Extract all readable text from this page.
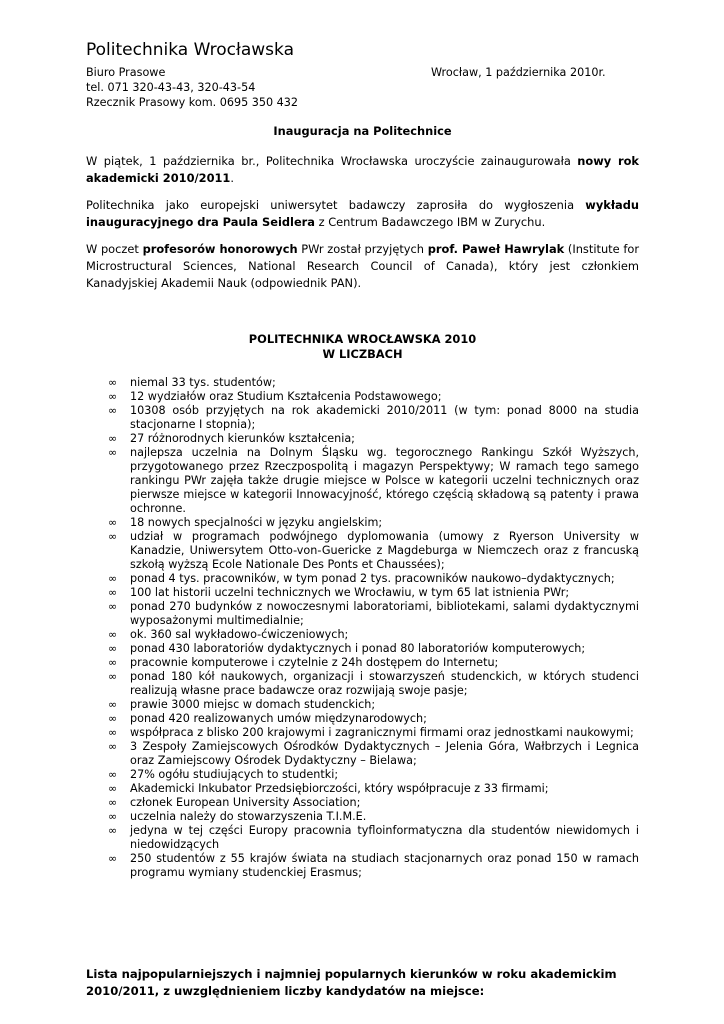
Politechnika Wrocławska
Biuro Prasowe
tel. 071 320-43-43, 320-43-54
Rzecznik Prasowy kom. 0695 350 432
Wrocław, 1 października 2010r.
Inauguracja na Politechnice
W piątek, 1 października br., Politechnika Wrocławska uroczyście zainaugurowała nowy rok akademicki 2010/2011.
Politechnika jako europejski uniwersytet badawczy zaprosiła do wygłoszenia wykładu inauguracyjnego dra Paula Seidlera z Centrum Badawczego IBM w Zurychu.
W poczet profesorów honorowych PWr został przyjętych prof. Paweł Hawrylak (Institute for Microstructural Sciences, National Research Council of Canada), który jest członkiem Kanadyjskiej Akademii Nauk (odpowiednik PAN).
POLITECHNIKA WROCŁAWSKA 2010
W LICZBACH
∞ niemal 33 tys. studentów;
∞ 12 wydziałów oraz Studium Kształcenia Podstawowego;
∞ 10308 osób przyjętych na rok akademicki 2010/2011 (w tym: ponad 8000 na studia stacjonarne I stopnia);
∞ 27 różnorodnych kierunków kształcenia;
∞ najlepsza uczelnia na Dolnym Śląsku wg. tegorocznego Rankingu Szkół Wyższych, przygotowanego przez Rzeczpospolitą i magazyn Perspektywy; W ramach tego samego rankingu PWr zajęła także drugie miejsce w Polsce w kategorii uczelni technicznych oraz pierwsze miejsce w kategorii Innowacyjność, którego częścią składową są patenty i prawa ochronne.
∞ 18 nowych specjalności w języku angielskim;
∞ udział w programach podwójnego dyplomowania (umowy z Ryerson University w Kanadzie, Uniwersytem Otto-von-Guericke z Magdeburga w Niemczech oraz z francuską szkołą wyższą Ecole Nationale Des Ponts et Chaussées);
∞ ponad 4 tys. pracowników, w tym ponad 2 tys. pracowników naukowo–dydaktycznych;
∞ 100 lat historii uczelni technicznych we Wrocławiu, w tym 65 lat istnienia PWr;
∞ ponad 270 budynków z nowoczesnymi laboratoriami, bibliotekami, salami dydaktycznymi wyposażonymi multimedialnie;
∞ ok. 360 sal wykładowo-ćwiczeniowych;
∞ ponad 430 laboratoriów dydaktycznych i ponad 80 laboratoriów komputerowych;
∞ pracownie komputerowe i czytelnie z 24h dostępem do Internetu;
∞ ponad 180 kół naukowych, organizacji i stowarzyszeń studenckich, w których studenci realizują własne prace badawcze oraz rozwijają swoje pasje;
∞ prawie 3000 miejsc w domach studenckich;
∞ ponad 420 realizowanych umów międzynarodowych;
∞ współpraca z blisko 200 krajowymi i zagranicznymi firmami oraz jednostkami naukowymi;
∞ 3 Zespoły Zamiejscowych Ośrodków Dydaktycznych – Jelenia Góra, Wałbrzych i Legnica oraz Zamiejscowy Ośrodek Dydaktyczny – Bielawa;
∞ 27% ogółu studiujących to studentki;
∞ Akademicki Inkubator Przedsiębiorczości, który współpracuje z 33 firmami;
∞ członek European University Association;
∞ uczelnia należy do stowarzyszenia T.I.M.E.
∞ jedyna w tej części Europy pracownia tyfloinformatyczna dla studentów niewidomych i niedowidzących
∞ 250 studentów z 55 krajów świata na studiach stacjonarnych oraz ponad 150 w ramach programu wymiany studenckiej Erasmus;
Lista najpopularniejszych i najmniej popularnych kierunków w roku akademickim 2010/2011, z uwzględnieniem liczby kandydatów na miejsce:
